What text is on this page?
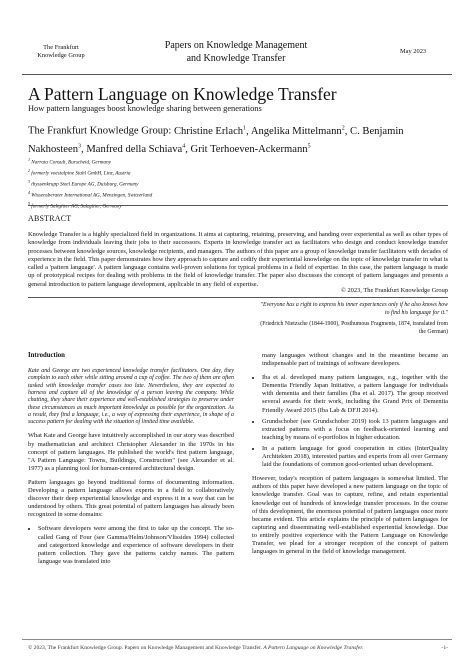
The Frankfurt
Knowledge Group
Papers on Knowledge Management
and Knowledge Transfer
May 2023
A Pattern Language on Knowledge Transfer
How pattern languages boost knowledge sharing between generations
The Frankfurt Knowledge Group: Christine Erlach$^1$, Angelika Mittelmann$^2$, C. Benjamin Nakhosteen$^3$, Manfred della Schiava$^4$, Grit Terhoeven-Ackermann$^5$
$^1$ Narrata Consult, Burscheid, Germany
$^2$ formerly voestalpine Stahl GmbH, Linz, Austria
$^3$ thyssenkrupp Steel Europe AG, Duisburg, Germany
$^4$ Wissensberater International AG, Menzingen, Switzerland
$^5$ formerly Saltgitter AG, Salzgitter, Germany
ABSTRACT
Knowledge Transfer is a highly specialized field in organizations. It aims at capturing, retaining, preserving, and handing over experiential as well as other types of knowledge from individuals leaving their jobs to their successors. Experts in knowledge transfer act as facilitators who design and conduct knowledge transfer processes between knowledge sources, knowledge recipients, and managers. The authors of this paper are a group of knowledge transfer facilitators with decades of experience in the field. This paper demonstrates how they approach to capture and codify their experiential knowledge on the topic of knowledge transfer in what is called a 'pattern language'. A pattern language contains well-proven solutions for typical problems in a field of expertise. In this case, the pattern language is made up of prototypical recipes for dealing with problems in the field of knowledge transfer. The paper also discusses the concept of pattern languages and presents a general introduction to pattern language development, applicable in any field of expertise.
© 2023, The Frankfurt Knowledge Group
"Everyone has a right to express his inner experiences only if he also knows how to find his language for it."
(Friedrich Nietzsche (1844-1900), Posthumous Fragments, 1874, translated from the German)
Introduction
Kate and George are two experienced knowledge transfer facilitators. One day, they complain to each other while sitting around a cup of coffee. The two of them are often tasked with knowledge transfer cases too late. Nevertheless, they are expected to harness and capture all of the knowledge of a person leaving the company. While chatting, they share their experience and well-established strategies to preserve under these circumstances as much important knowledge as possible for the organization. As a result, they find a language, i.e., a way of expressing their experience, in shape of a success pattern for dealing with the situation of limited time available.
What Kate and George have intuitively accomplished in our story was described by mathematician and architect Christopher Alexander in the 1970s in his concept of pattern languages. He published the world's first pattern language, "A Pattern Language: Towns, Buildings, Construction" (see Alexander et al. 1977) as a planning tool for human-centered architectural design.
Pattern languages go beyond traditional forms of documenting information. Developing a pattern language allows experts in a field to collaboratively discover their deep experiential knowledge and express it in a way that can be understood by others. This great potential of pattern languages has already been recognized in some domains:
• Software developers were among the first to take up the concept. The so-called Gang of Four (see Gamma/Helm/Johnson/Vlissides 1994) collected and categorized knowledge and experience of software developers in their pattern collection. They gave the patterns catchy names. The pattern language was translated into
many languages without changes and in the meantime became an indispensable part of trainings of software developers.
• Iba et al. developed many pattern languages, e.g., together with the Dementia Friendly Japan Initiative, a pattern language for individuals with dementia and their families (Iba et al. 2017). The group received several awards for their work, including the Grand Prix of Dementia Friendly Award 2015 (Iba Lab & DFJI 2014).
• Grundschober (see Grundschober 2019) took 13 pattern languages and extracted patterns with a focus on feedback-oriented learning and teaching by means of e-portfolios in higher education.
• In a pattern language for good cooperation in cities (InterQuality Architekten 2018), interested parties and experts from all over Germany laid the foundations of common good-oriented urban development.
However, today's reception of pattern languages is somewhat limited. The authors of this paper have developed a new pattern language on the topic of knowledge transfer. Goal was to capture, refine, and retain experiential knowledge out of hundreds of knowledge transfer processes. In the course of this development, the enormous potential of pattern languages once more became evident. This article explains the principle of pattern languages for capturing and disseminating well-established experiential knowledge. Due to entirely positive experience with the Pattern Language on Knowledge Transfer, we plead for a stronger reception of the concept of pattern languages in general in the field of knowledge management.
© 2023, The Frankfurt Knowledge Group. Papers on Knowledge Management and Knowledge Transfer. A Pattern Language on Knowledge Transfer.	-1-
